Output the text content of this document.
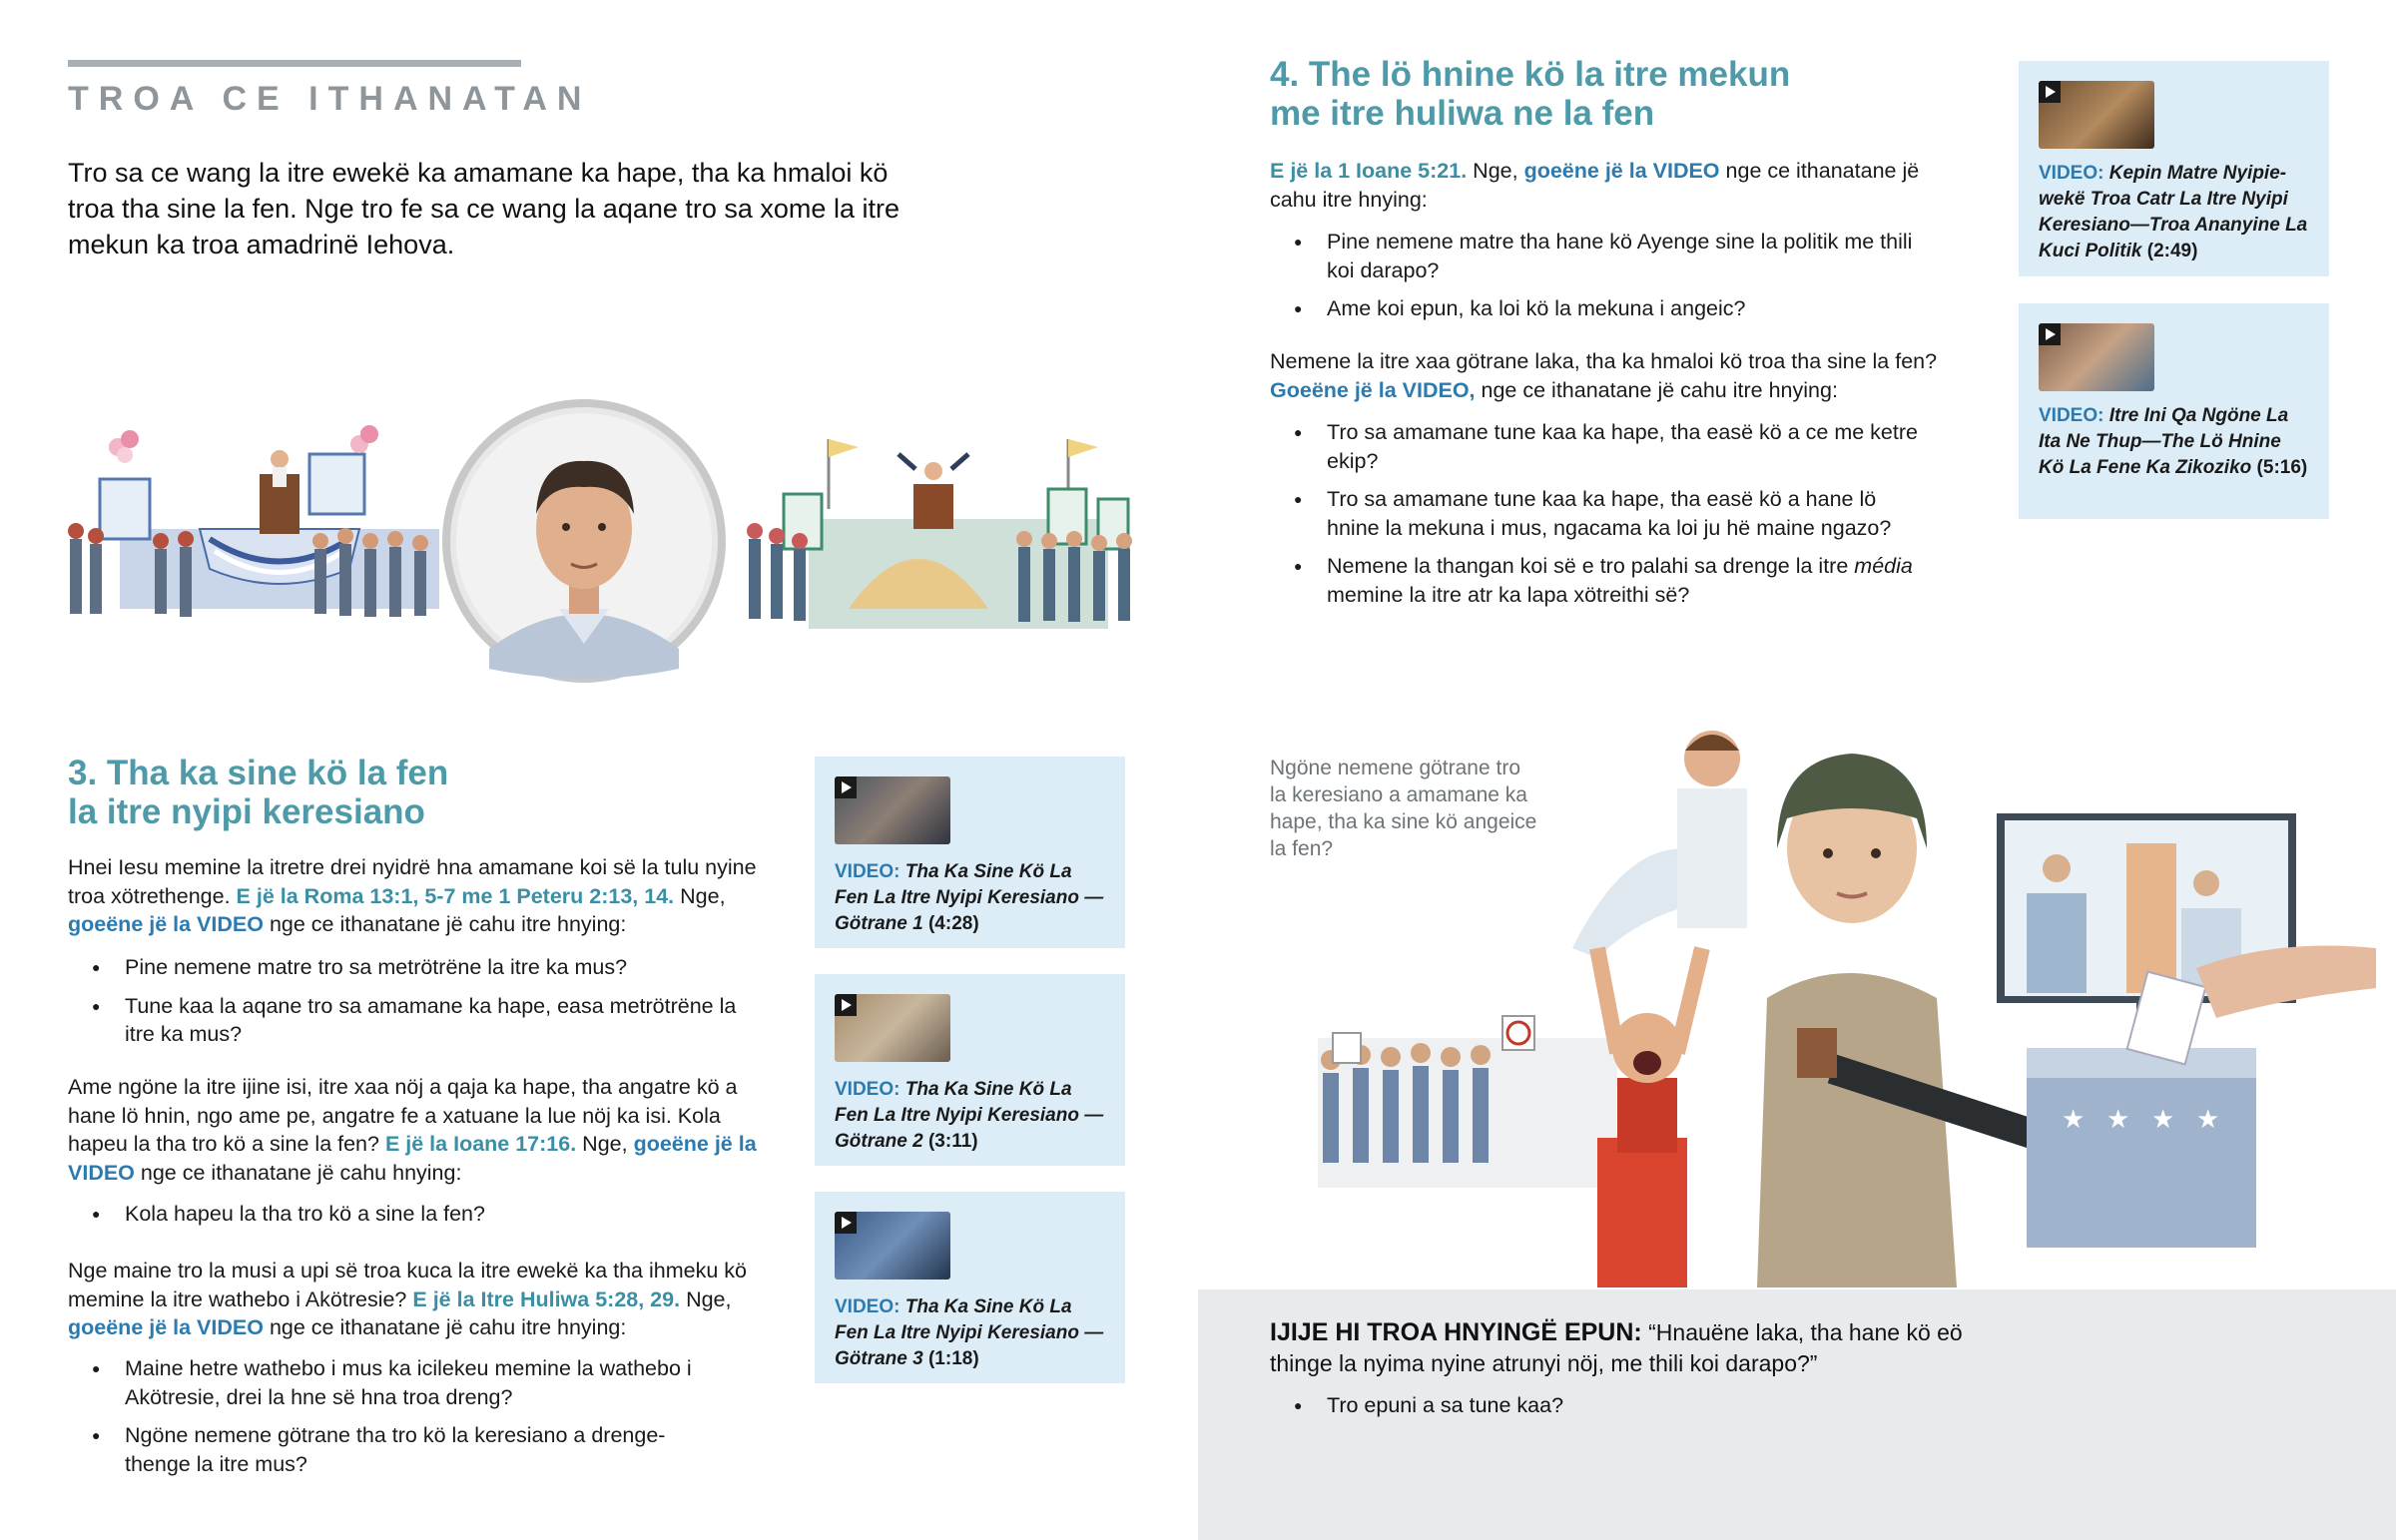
TROA CE ITHANATAN
Tro sa ce wang la itre ewekë ka amamane ka hape, tha ka hmaloi kö troa tha sine la fen. Nge tro fe sa ce wang la aqane tro sa xome la itre mekun ka troa amadrinë Iehova.
3. Tha ka sine kö la fen
la itre nyipi keresiano
Hnei Iesu memine la itretre drei nyidrë hna amamane koi së la tulu nyine troa xötrethenge. E jë la Roma 13:1, 5-7 me 1 Peteru 2:13, 14. Nge, goeëne jë la VIDEO nge ce ithanatane jë cahu itre hnying:
● Pine nemene matre tro sa metrötrëne la itre ka mus?
● Tune kaa la aqane tro sa amamane ka hape, easa metrötrëne la itre ka mus?
Ame ngöne la itre ijine isi, itre xaa nöj a qaja ka hape, tha angatre kö a hane lö hnin, ngo ame pe, angatre fe a xatuane la lue nöj ka isi. Kola hapeu la tha tro kö a sine la fen? E jë la Ioane 17:16. Nge, goeëne jë la VIDEO nge ce ithanatane jë cahu hnying:
● Kola hapeu la tha tro kö a sine la fen?
Nge maine tro la musi a upi së troa kuca la itre ewekë ka tha ihmeku kö memine la itre wathebo i Akötresie? E jë la Itre Huliwa 5:28, 29. Nge, goeëne jë la VIDEO nge ce ithanatane jë cahu itre hnying:
● Maine hetre wathebo i mus ka icilekeu memine la wathebo i Akötresie, drei la hne së hna troa dreng?
● Ngöne nemene götrane tha tro kö la keresiano a drenge-thenge la itre mus?
VIDEO: Tha Ka Sine Kö La Fen La Itre Nyipi Keresiano —Götrane 1 (4:28)
VIDEO: Tha Ka Sine Kö La Fen La Itre Nyipi Keresiano —Götrane 2 (3:11)
VIDEO: Tha Ka Sine Kö La Fen La Itre Nyipi Keresiano —Götrane 3 (1:18)
4. The lö hnine kö la itre mekun
me itre huliwa ne la fen
E jë la 1 Ioane 5:21. Nge, goeëne jë la VIDEO nge ce ithanatane jë cahu itre hnying:
● Pine nemene matre tha hane kö Ayenge sine la politik me thili koi darapo?
● Ame koi epun, ka loi kö la mekuna i angeic?
Nemene la itre xaa götrane laka, tha ka hmaloi kö troa tha sine la fen? Goeëne jë la VIDEO, nge ce ithanatane jë cahu itre hnying:
● Tro sa amamane tune kaa ka hape, tha easë kö a ce me ketre ekip?
● Tro sa amamane tune kaa ka hape, tha easë kö a hane lö hnine la mekuna i mus, ngacama ka loi ju hë maine ngazo?
● Nemene la thangan koi së e tro palahi sa drenge la itre média memine la itre atr ka lapa xötreithi së?
VIDEO: Kepin Matre Nyipiewekë Troa Catr La Itre Nyipi Keresiano—Troa Ananyine La Kuci Politik (2:49)
VIDEO: Itre Ini Qa Ngöne La Ita Ne Thup—The Lö Hnine Kö La Fene Ka Zikoziko (5:16)
★ ★ ★ ★
Ngöne nemene götrane tro la keresiano a amamane ka hape, tha ka sine kö angeice la fen?
IJIJE HI TROA HNYINGË EPUN: “Hnauëne laka, tha hane kö eö thinge la nyima nyine atrunyi nöj, me thili koi darapo?”
● Tro epuni a sa tune kaa?
